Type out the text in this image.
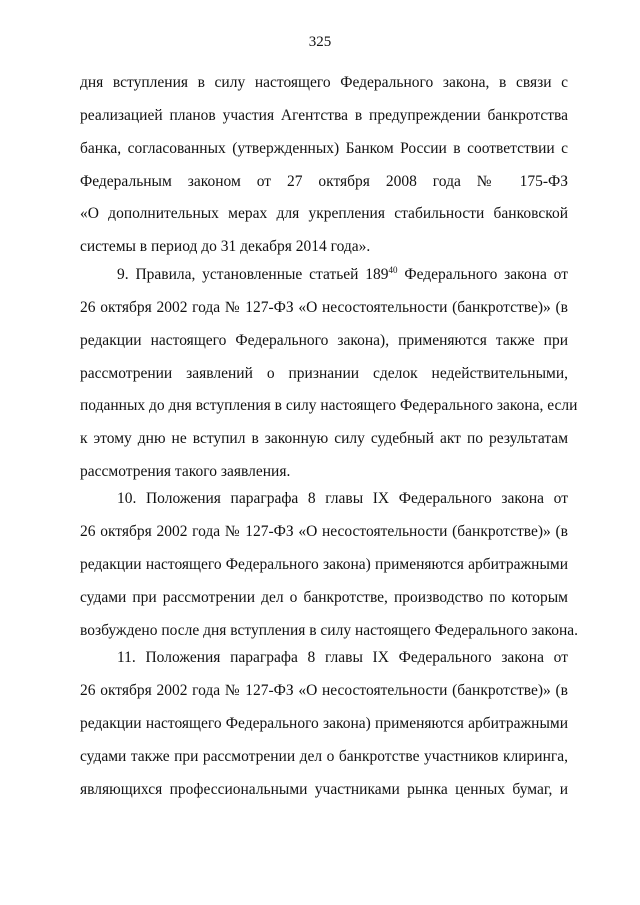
325
дня вступления в силу настоящего Федерального закона, в связи с
реализацией планов участия Агентства в предупреждении банкротства
банка, согласованных (утвержденных) Банком России в соответствии с
Федеральным законом от 27 октября 2008 года № 175-ФЗ
«О дополнительных мерах для укрепления стабильности банковской
системы в период до 31 декабря 2014 года».
9. Правила, установленные статьей $189^{40}$ Федерального закона от
26 октября 2002 года № 127-ФЗ «О несостоятельности (банкротстве)» (в
редакции настоящего Федерального закона), применяются также при
рассмотрении заявлений о признании сделок недействительными,
поданных до дня вступления в силу настоящего Федерального закона, если
к этому дню не вступил в законную силу судебный акт по результатам
рассмотрения такого заявления.
10. Положения параграфа 8 главы IX Федерального закона от
26 октября 2002 года № 127-ФЗ «О несостоятельности (банкротстве)» (в
редакции настоящего Федерального закона) применяются арбитражными
судами при рассмотрении дел о банкротстве, производство по которым
возбуждено после дня вступления в силу настоящего Федерального закона.
11. Положения параграфа 8 главы IX Федерального закона от
26 октября 2002 года № 127-ФЗ «О несостоятельности (банкротстве)» (в
редакции настоящего Федерального закона) применяются арбитражными
судами также при рассмотрении дел о банкротстве участников клиринга,
являющихся профессиональными участниками рынка ценных бумаг, и
